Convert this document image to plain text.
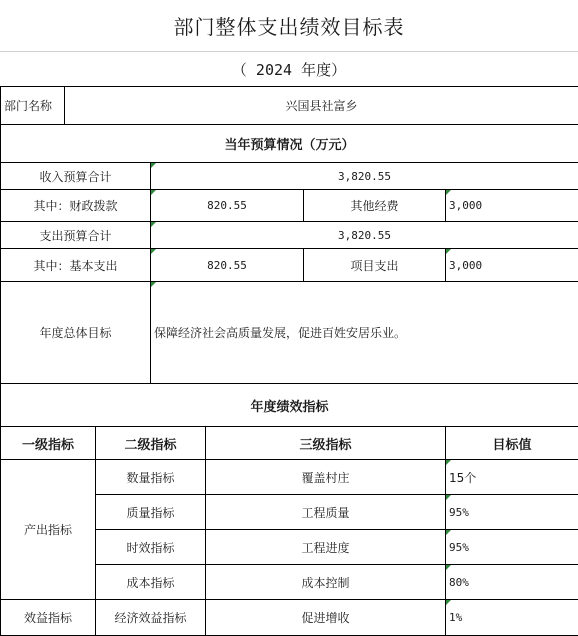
部门整体支出绩效目标表
（ 2024 年度）
部门名称	兴国县社富乡					
当年预算情况（万元）						
收入预算合计			3,820.55			
其中：财政拨款			820.55		其他经费	3,000
支出预算合计			3,820.55			
其中：基本支出			820.55		项目支出	3,000
年度总体目标			保障经济社会高质量发展，促进百姓安居乐业。			
年度绩效指标						
一级指标		二级指标		三级指标		目标值
产出指标		数量指标		覆盖村庄		15个
		质量指标		工程质量		95%
		时效指标		工程进度		95%
		成本指标		成本控制		80%
效益指标		经济效益指标		促进增收		1%
